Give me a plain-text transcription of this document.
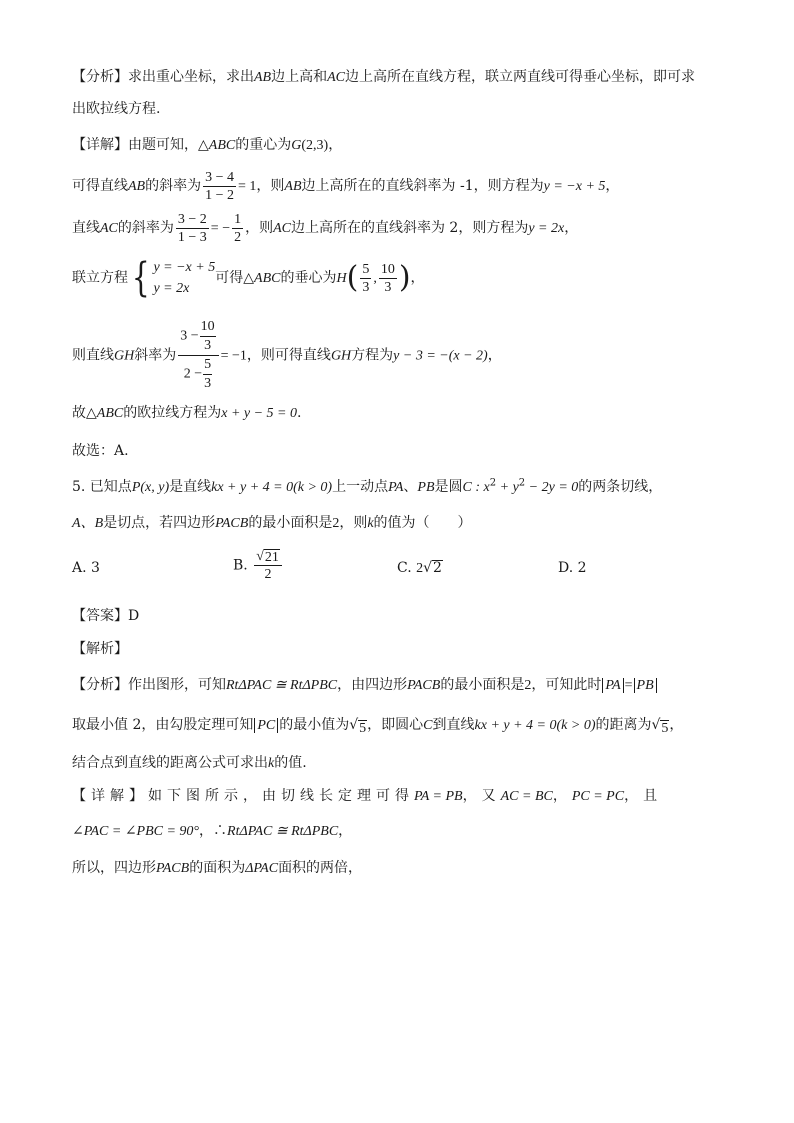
【分析】求出重心坐标，求出AB边上高和AC边上高所在直线方程，联立两直线可得垂心坐标，即可求
出欧拉线方程.
【详解】由题可知，△ABC的重心为G(2,3)，
可得直线AB的斜率为 $\frac{3 - 4}{1 - 2} = 1$，则AB边上高所在的直线斜率为 -1，则方程为y = −x + 5，
直线AC的斜率为 $\frac{3 - 2}{1 - 3}$ = − $\frac{1}{2}$ ，则AC边上高所在的直线斜率为 2，则方程为y = 2x，
联立方程 { y = −x + 5
y = 2x
可得△ABC的垂心为$H( \frac{5}{3}$ , $\frac{10}{3}$ )，
则直线GH斜率为 $\frac{3 - \frac{10}{3}}{2 - \frac{5}{3}} = -1$，则可得直线GH方程为y − 3 = −(x − 2)，
故△ABC的欧拉线方程为x + y − 5 = 0.
故选：A.
5. 已知点P(x, y)是直线kx + y + 4 = 0(k > 0)上一动点PA、PB是圆C : $x^2 + y^2 - 2y = 0$的两条切线，
A、B是切点，若四边形PACB的最小面积是2，则k的值为（　　）
A. 3	B. $\frac{√ 21}{2}$	C. 2 √ 2	D. 2
【答案】D
【解析】
【分析】作出图形，可知RtΔPAC ≅ RtΔPBC，由四边形PACB的最小面积是2，可知此时 PA = PB
取最小值 2，由勾股定理可知 PC 的最小值为 √ 5 ，即圆心C到直线kx + y + 4 = 0(k > 0)的距离为 √ 5 ，
结合点到直线的距离公式可求出k的值.
【详解】如下图所示，由切线长定理可得PA = PB，又AC = BC，PC = PC，且
∠PAC = ∠PBC = 90°，∴RtΔPAC ≅ RtΔPBC，
所以，四边形PACB的面积为ΔPAC面积的两倍，
